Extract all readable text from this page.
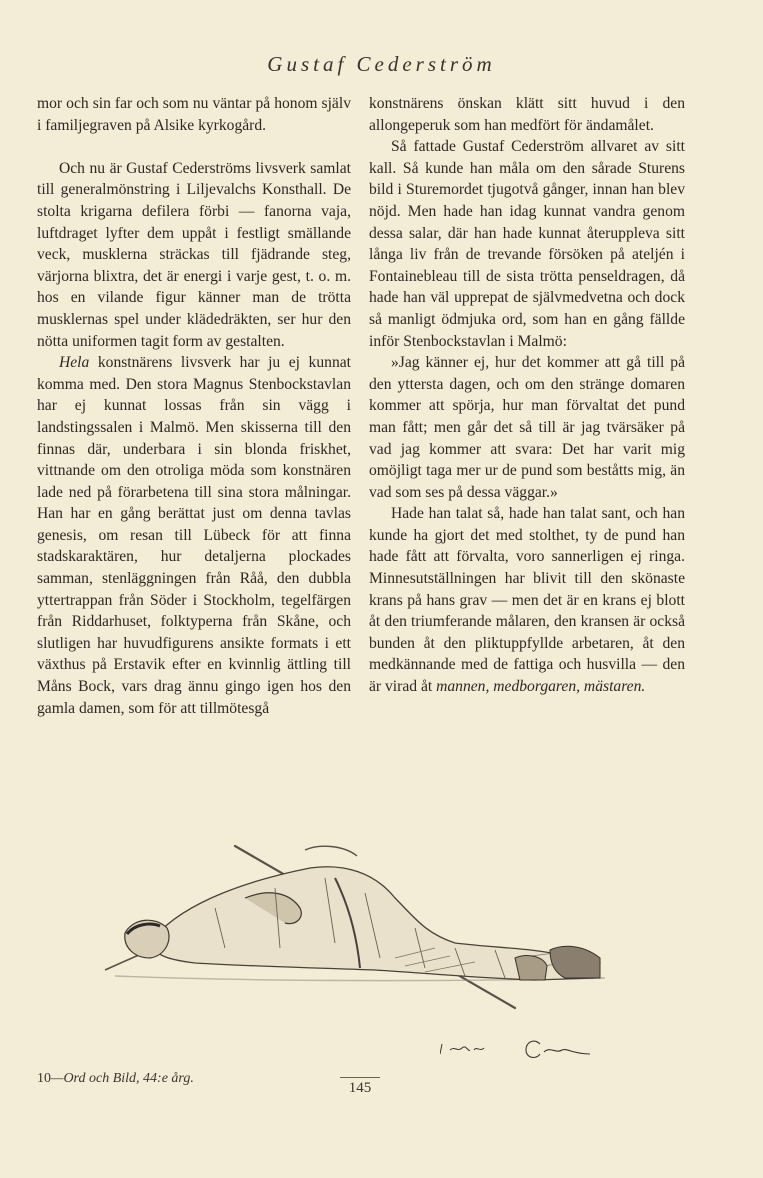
Gustaf Cederström

mor och sin far och som nu väntar på honom själv i familjegraven på Alsike kyrkogård.

Och nu är Gustaf Cederströms livsverk samlat till generalmönstring i Liljevalchs Konsthall. De stolta krigarna defilera förbi — fanorna vaja, luftdraget lyfter dem uppåt i festligt smällande veck, musklerna sträckas till fjädrande steg, värjorna blixtra, det är energi i varje gest, t. o. m. hos en vilande figur känner man de trötta musklernas spel under klädedräkten, ser hur den nötta uniformen tagit form av gestalten.

Hela konstnärens livsverk har ju ej kunnat komma med. Den stora Magnus Stenbockstavlan har ej kunnat lossas från sin vägg i landstingssalen i Malmö. Men skisserna till den finnas där, underbara i sin blonda friskhet, vittnande om den otroliga möda som konstnären lade ned på förarbetena till sina stora målningar. Han har en gång berättat just om denna tavlas genesis, om resan till Lübeck för att finna stadskaraktären, hur detaljerna plockades samman, stenläggningen från Råå, den dubbla yttertrappan från Söder i Stockholm, tegelfärgen från Riddarhuset, folktyperna från Skåne, och slutligen har huvudfigurens ansikte formats i ett växthus på Erstavik efter en kvinnlig ättling till Måns Bock, vars drag ännu gingo igen hos den gamla damen, som för att tillmötesgå

konstnärens önskan klätt sitt huvud i den allongeperuk som han medfört för ändamålet.

Så fattade Gustaf Cederström allvaret av sitt kall. Så kunde han måla om den sårade Sturens bild i Sturemordet tjugotvå gånger, innan han blev nöjd. Men hade han idag kunnat vandra genom dessa salar, där han hade kunnat återuppleva sitt långa liv från de trevande försöken på ateljén i Fontainebleau till de sista trötta penseldragen, då hade han väl upprepat de självmedvetna och dock så manligt ödmjuka ord, som han en gång fällde inför Stenbockstavlan i Malmö:

»Jag känner ej, hur det kommer att gå till på den yttersta dagen, och om den stränge domaren kommer att spörja, hur man förvaltat det pund man fått; men går det så till är jag tvärsäker på vad jag kommer att svara: Det har varit mig omöjligt taga mer ur de pund som beståtts mig, än vad som ses på dessa väggar.»

Hade han talat så, hade han talat sant, och han kunde ha gjort det med stolthet, ty de pund han hade fått att förvalta, voro sannerligen ej ringa. Minnesutställningen har blivit till den skönaste krans på hans grav — men det är en krans ej blott åt den triumferande målaren, den kransen är också bunden åt den pliktuppfyllde arbetaren, åt den medkännande med de fattiga och husvilla — den är virad åt mannen, medborgaren, mästaren.

10—Ord och Bild, 44:e årg.
145
